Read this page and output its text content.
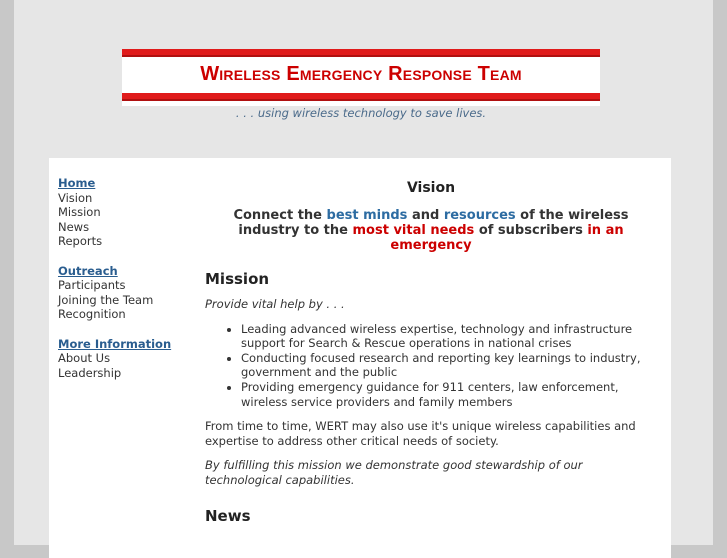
Wireless Emergency Response Team
. . . using wireless technology to save lives.
Home
Vision
Mission
News
Reports
Outreach
Participants
Joining the Team
Recognition
More Information
About Us
Leadership
Vision

Connect the best minds and resources of the wireless industry to the most vital needs of subscribers in an emergency

Mission

Provide vital help by . . .

• Leading advanced wireless expertise, technology and infrastructure support for Search & Rescue operations in national crises
• Conducting focused research and reporting key learnings to industry, government and the public
• Providing emergency guidance for 911 centers, law enforcement, wireless service providers and family members

From time to time, WERT may also use it's unique wireless capabilities and expertise to address other critical needs of society.

By fulfilling this mission we demonstrate good stewardship of our technological capabilities.

News
